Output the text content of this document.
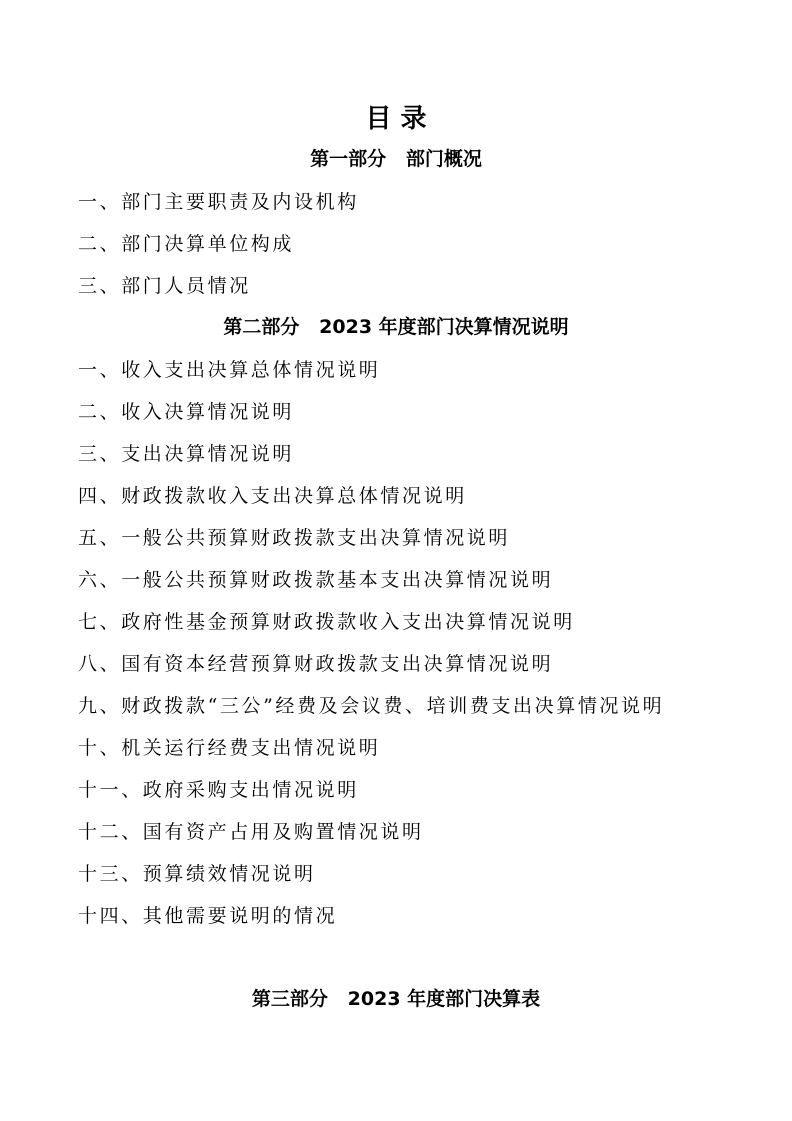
目 录
第一部分   部门概况
一、部门主要职责及内设机构
二、部门决算单位构成
三、部门人员情况
第二部分   2023 年度部门决算情况说明
一、收入支出决算总体情况说明
二、收入决算情况说明
三、支出决算情况说明
四、财政拨款收入支出决算总体情况说明
五、一般公共预算财政拨款支出决算情况说明
六、一般公共预算财政拨款基本支出决算情况说明
七、政府性基金预算财政拨款收入支出决算情况说明
八、国有资本经营预算财政拨款支出决算情况说明
九、财政拨款“三公”经费及会议费、培训费支出决算情况说明
十、机关运行经费支出情况说明
十一、政府采购支出情况说明
十二、国有资产占用及购置情况说明
十三、预算绩效情况说明
十四、其他需要说明的情况
第三部分   2023 年度部门决算表
